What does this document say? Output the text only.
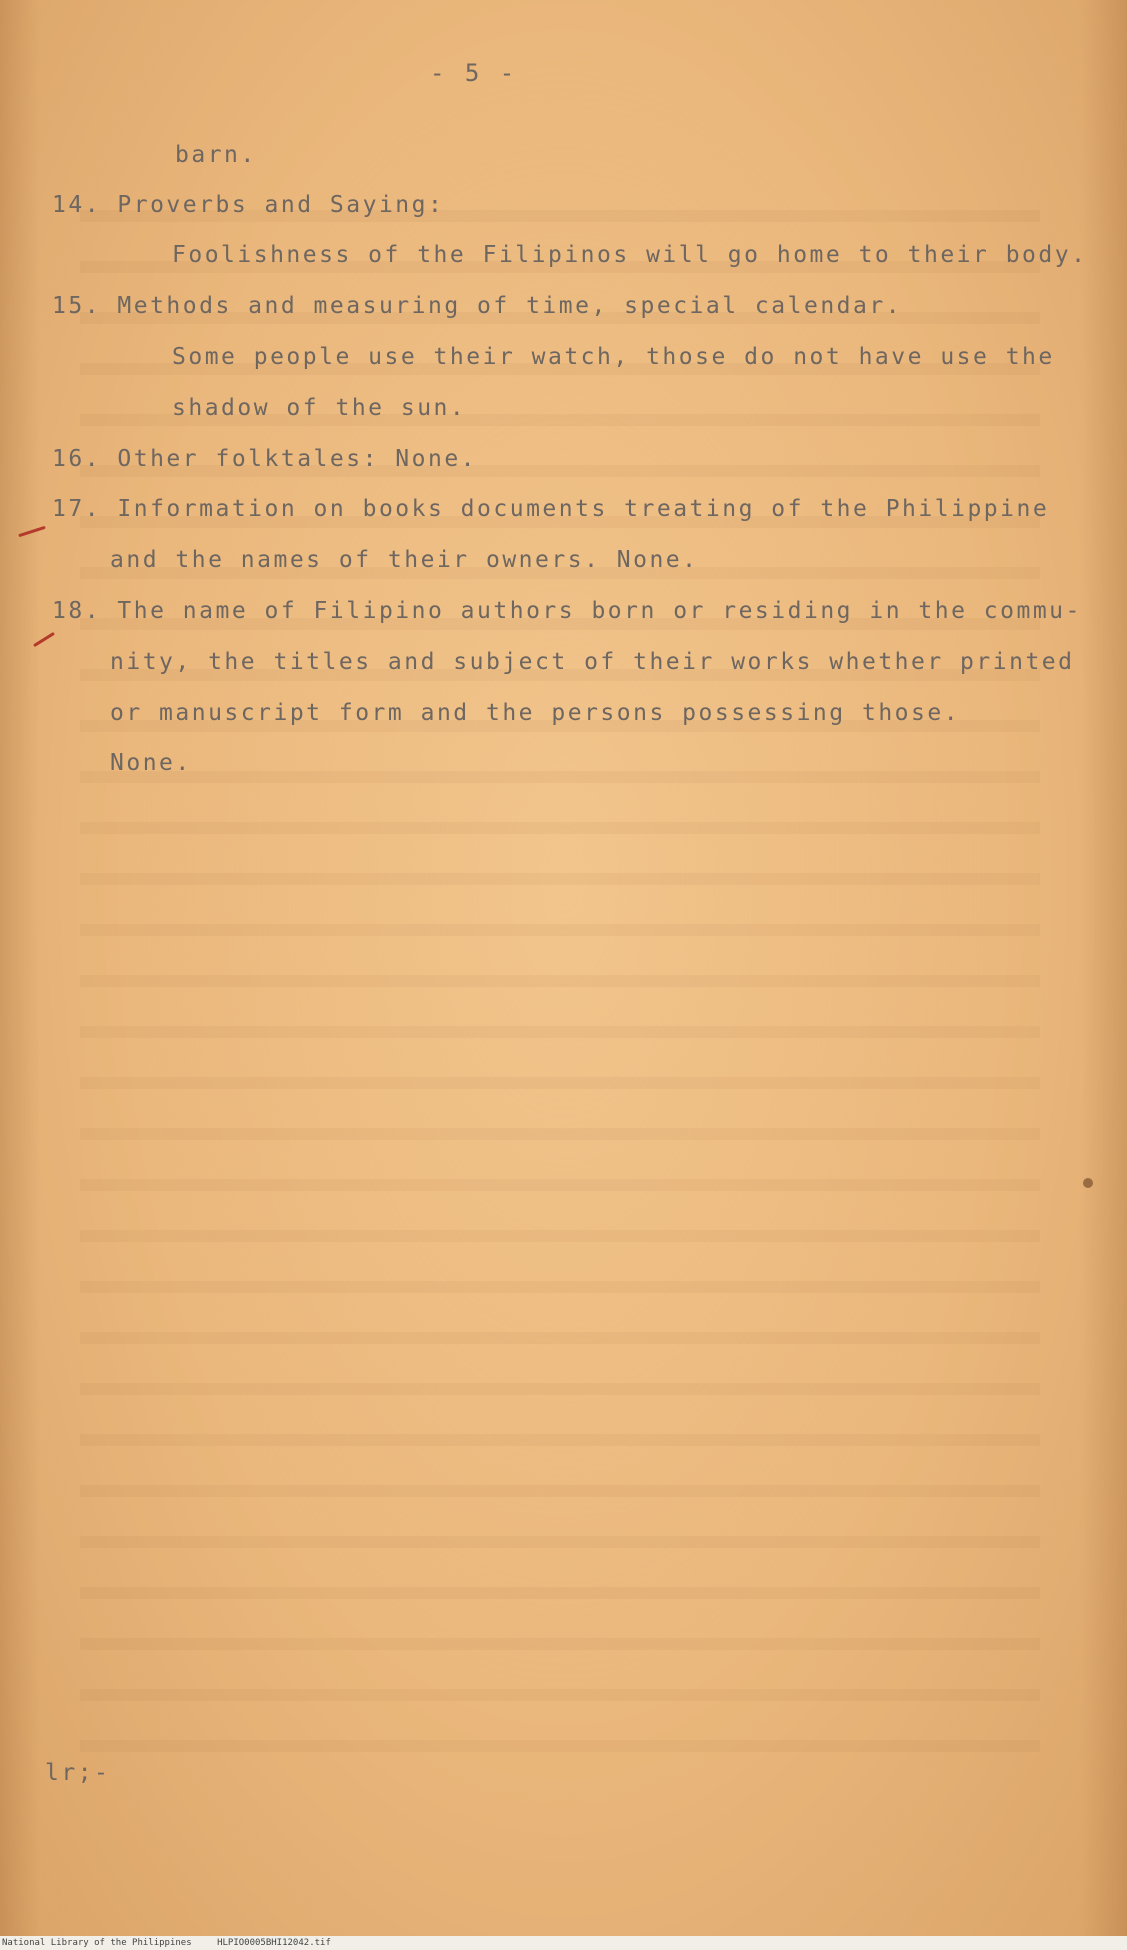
- 5 -
barn.
14. Proverbs and Saying:
Foolishness of the Filipinos will go home to their body.
15. Methods and measuring of time, special calendar.
Some people use their watch, those do not have use the
shadow of the sun.
16. Other folktales: None.
17. Information on books documents treating of the Philippine
and the names of their owners. None.
18. The name of Filipino authors born or residing in the commu-
nity, the titles and subject of their works whether printed
or manuscript form and the persons possessing those.
None.
lr;-
National Library of the Philippines	HLPIO0005BHI12042.tif
